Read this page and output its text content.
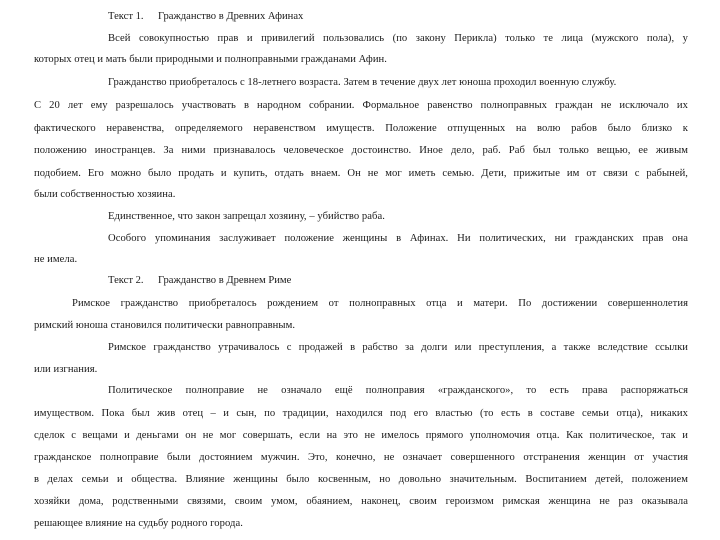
Текст 1. Гражданство в Древних Афинах
Всей совокупностью прав и привилегий пользовались (по закону Перикла) только те лица (мужского пола), у
которых отец и мать были природными и полноправными гражданами Афин.
Гражданство приобреталось с 18-летнего возраста. Затем в течение двух лет юноша проходил военную службу.
С 20 лет ему разрешалось участвовать в народном собрании. Формальное равенство полноправных граждан не исключало их
фактического неравенства, определяемого неравенством имуществ. Положение отпущенных на волю рабов было близко к
положению иностранцев. За ними признавалось человеческое достоинство. Иное дело, раб. Раб был только вещью, ее живым
подобием. Его можно было продать и купить, отдать внаем. Он не мог иметь семью. Дети, прижитые им от связи с рабыней,
были собственностью хозяина.
Единственное, что закон запрещал хозяину, – убийство раба.
Особого упоминания заслуживает положение женщины в Афинах. Ни политических, ни гражданских прав она
не имела.
Текст 2. Гражданство в Древнем Риме
Римское гражданство приобреталось рождением от полноправных отца и матери. По достижении совершеннолетия
римский юноша становился политически равноправным.
Римское гражданство утрачивалось с продажей в рабство за долги или преступления, а также вследствие ссылки
или изгнания.
Политическое полноправие не означало ещё полноправия «гражданского», то есть права распоряжаться
имуществом. Пока был жив отец – и сын, по традиции, находился под его властью (то есть в составе семьи отца), никаких
сделок с вещами и деньгами он не мог совершать, если на это не имелось прямого уполномочия отца. Как политическое, так и
гражданское полноправие были достоянием мужчин. Это, конечно, не означает совершенного отстранения женщин от участия
в делах семьи и общества. Влияние женщины было косвенным, но довольно значительным. Воспитанием детей, положением
хозяйки дома, родственными связями, своим умом, обаянием, наконец, своим героизмом римская женщина не раз оказывала
решающее влияние на судьбу родного города.
